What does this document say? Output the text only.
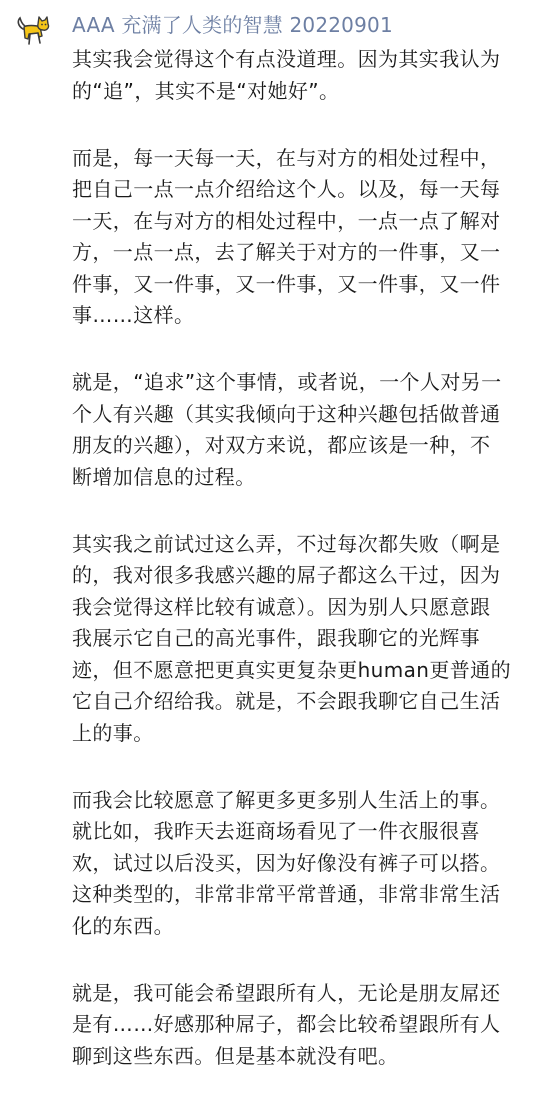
AAA 充满了人类的智慧 20220901
其实我会觉得这个有点没道理。因为其实我认为
的“追”，其实不是“对她好”。
而是，每一天每一天，在与对方的相处过程中，
把自己一点一点介绍给这个人。以及，每一天每
一天，在与对方的相处过程中，一点一点了解对
方，一点一点，去了解关于对方的一件事，又一
件事，又一件事，又一件事，又一件事，又一件
事……这样。
就是，“追求”这个事情，或者说，一个人对另一
个人有兴趣（其实我倾向于这种兴趣包括做普通
朋友的兴趣），对双方来说，都应该是一种，不
断增加信息的过程。
其实我之前试过这么弄，不过每次都失败（啊是
的，我对很多我感兴趣的屌子都这么干过，因为
我会觉得这样比较有诚意）。因为别人只愿意跟
我展示它自己的高光事件，跟我聊它的光辉事
迹，但不愿意把更真实更复杂更human更普通的
它自己介绍给我。就是，不会跟我聊它自己生活
上的事。
而我会比较愿意了解更多更多别人生活上的事。
就比如，我昨天去逛商场看见了一件衣服很喜
欢，试过以后没买，因为好像没有裤子可以搭。
这种类型的，非常非常平常普通，非常非常生活
化的东西。
就是，我可能会希望跟所有人，无论是朋友屌还
是有……好感那种屌子，都会比较希望跟所有人
聊到这些东西。但是基本就没有吧。
